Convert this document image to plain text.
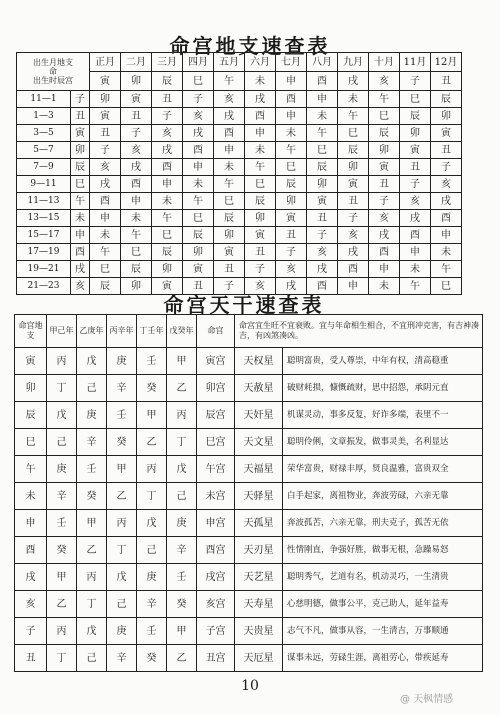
命宫地支速查表
出生月地支
命
出生时辰宫		正月	二月	三月	四月	五月	六月	七月	八月	九月	十月	11月	12月
		寅	卯	辰	巳	午	未	申	酉	戌	亥	子	丑
11—1	子	卯	寅	丑	子	亥	戌	酉	申	未	午	巳	辰
1—3	丑	寅	丑	子	亥	戌	酉	申	未	午	巳	辰	卯
3—5	寅	丑	子	亥	戌	酉	申	未	午	巳	辰	卯	寅
5—7	卯	子	亥	戌	酉	申	未	午	巳	辰	卯	寅	丑
7—9	辰	亥	戌	酉	申	未	午	巳	辰	卯	寅	丑	子
9—11	巳	戌	酉	申	未	午	巳	辰	卯	寅	丑	子	亥
11—13	午	酉	申	未	午	巳	辰	卯	寅	丑	子	亥	戌
13—15	未	申	未	午	巳	辰	卯	寅	丑	子	亥	戌	酉
15—17	申	未	午	巳	辰	卯	寅	丑	子	亥	戌	酉	申
17—19	酉	午	巳	辰	卯	寅	丑	子	亥	戌	酉	申	未
19—21	戌	巳	辰	卯	寅	丑	子	亥	戌	酉	申	未	午
21—23	亥	辰	卯	寅	丑	子	亥	戌	酉	申	未	午	巳
命宫天干速查表
命宫地支	甲己年	乙庚年	丙辛年	丁壬年	戊癸年	命宫	命宫宜生旺不宜衰败。宜与年命相生相合，不宜刑冲克害，有吉神凑吉，有凶煞凑凶。	
寅	丙	戊	庚	壬	甲	寅宫	天权星	聪明富贵，受人尊崇，中年有权，清高稳重
卯	丁	己	辛	癸	乙	卯宫	天赦星	破财耗损，慷慨疏财，思中招怨，承阴元直
辰	戊	庚	壬	甲	丙	辰宫	天奸星	机谋灵动，事多反复，好诈多端，表里不一
巳	己	辛	癸	乙	丁	巳宫	天文星	聪明伶俐，文章振发，做事灵美，名利显达
午	庚	壬	甲	丙	戊	午宫	天福星	荣华富贵，财禄丰厚，贤良温雅，富贵双全
未	辛	癸	乙	丁	己	未宫	天驿星	白手起家，离祖物业，奔波劳碌，六亲无靠
申	壬	甲	丙	戊	庚	申宫	天孤星	奔波孤苦，六亲无靠，刑夫克子，孤苦无依
酉	癸	乙	丁	己	辛	酉宫	天刃星	性情刚直，争强好胜，做事无根，急躁易怒
戌	甲	丙	戊	庚	壬	戌宫	天艺星	聪明秀气，艺道有名，机动灵巧，一生清贵
亥	乙	丁	己	辛	癸	亥宫	天寿星	心慈明德，做事公平，克己助人，延年益寿
子	丙	戊	庚	壬	甲	子宫	天贵星	志气不凡，做事从容，一生清吉，万事顺通
丑	丁	己	辛	癸	乙	丑宫	天厄星	谋事未远，劳碌生涯，离祖劳心，带疾延寿
10
@ 天枫情感
